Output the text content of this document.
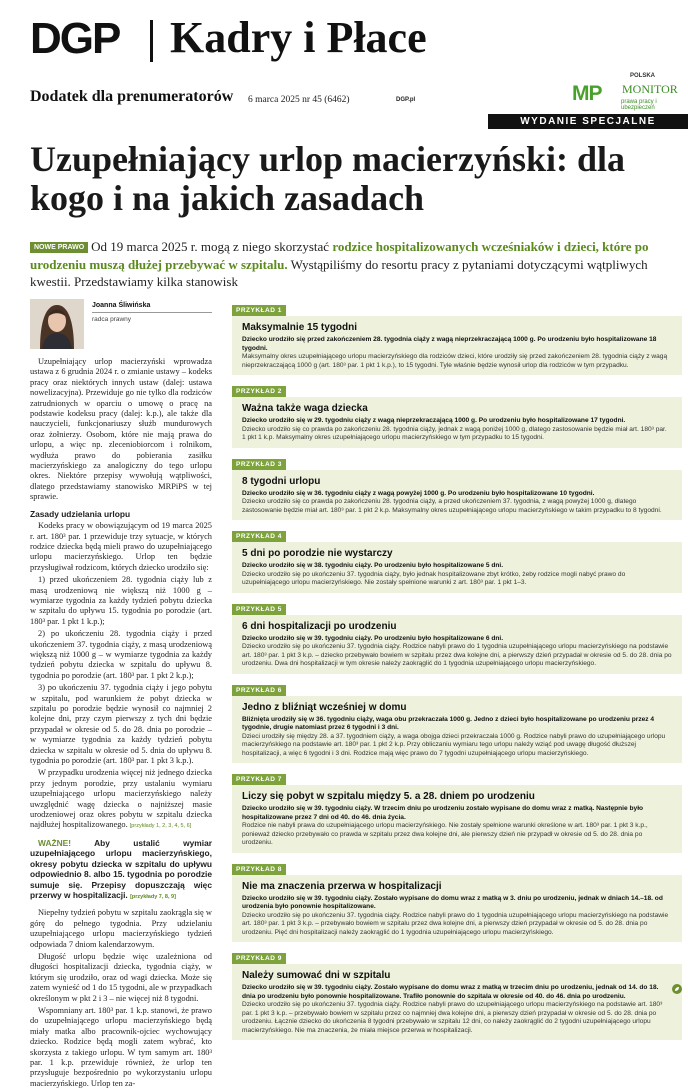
DGP Kadry i Płace
Dodatek dla prenumeratorów 6 marca 2025 nr 45 (6462)	DGP.pl
POLSKA
MP MONITOR
prawa pracy i ubezpieczeń
WYDANIE SPECJALNE
Uzupełniający urlop macierzyński: dla kogo i na jakich zasadach
NOWE PRAWO Od 19 marca 2025 r. mogą z niego skorzystać rodzice hospitalizowanych wcześniaków i dzieci, które po urodzeniu muszą dłużej przebywać w szpitalu. Wystąpiliśmy do resortu pracy z pytaniami dotyczącymi wątpliwych kwestii. Przedstawiamy kilka stanowisk
Joanna Śliwińska
radca prawny

Uzupełniający urlop macierzyński wprowadza ustawa z 6 grudnia 2024 r. o zmianie ustawy – kodeks pracy oraz niektórych innych ustaw (dalej: ustawa nowelizacyjna). Przewiduje go nie tylko dla rodziców zatrudnionych w oparciu o umowę o pracę na podstawie kodeksu pracy (dalej: k.p.), ale także dla nauczycieli, funkcjonariuszy służb mundurowych oraz żołnierzy. Osobom, które nie mają prawa do urlopu, a więc np. zleceniobiorcom i rolnikom, wydłuża prawo do pobierania zasiłku macierzyńskiego za analogiczny do tego urlopu okres. Niektóre przepisy wywołują wątpliwości, dlatego przedstawiamy stanowisko MRPiPS w tej sprawie.

Zasady udzielania urlopu

Kodeks pracy w obowiązującym od 19 marca 2025 r. art. 180³ par. 1 przewiduje trzy sytuacje, w których rodzice dziecka będą mieli prawo do uzupełniającego urlopu macierzyńskiego. Urlop ten będzie przysługiwał rodzicom, których dziecko urodziło się:

1) przed ukończeniem 28. tygodnia ciąży lub z masą urodzeniową nie większą niż 1000 g – wymiarze tygodnia za każdy tydzień pobytu dziecka w szpitalu do upływu 15. tygodnia po porodzie (art. 180³ par. 1 pkt 1 k.p.);

2) po ukończeniu 28. tygodnia ciąży i przed ukończeniem 37. tygodnia ciąży, z masą urodzeniową większą niż 1000 g – w wymiarze tygodnia za każdy tydzień pobytu dziecka w szpitalu do upływu 8. tygodnia po porodzie (art. 180³ par. 1 pkt 2 k.p.);

3) po ukończeniu 37. tygodnia ciąży i jego pobytu w szpitalu, pod warunkiem że pobyt dziecka w szpitalu po porodzie będzie wynosił co najmniej 2 kolejne dni, przy czym pierwszy z tych dni będzie przypadał w okresie od 5. do 28. dnia po porodzie – w wymiarze tygodnia za każdy tydzień pobytu dziecka w szpitalu w okresie od 5. dnia do upływu 8. tygodnia po porodzie (art. 180³ par. 1 pkt 3 k.p.).

W przypadku urodzenia więcej niż jednego dziecka przy jednym porodzie, przy ustalaniu wymiaru uzupełniającego urlopu macierzyńskiego należy uwzględnić wagę dziecka o najniższej masie urodzeniowej oraz okres pobytu w szpitalu dziecka najdłużej hospitalizowanego. [przykłady 1, 2, 3, 4, 5, 6]

WAŻNE!	Aby ustalić wymiar uzupełniającego urlopu macierzyńskiego, okresy pobytu dziecka w szpitalu do upływu odpowiednio 8. albo 15. tygodnia po porodzie sumuje się. Przepisy dopuszczają więc przerwy w hospitalizacji. [przykłady 7, 8, 9]

Niepełny tydzień pobytu w szpitalu zaokrągla się w górę do pełnego tygodnia. Przy udzielaniu uzupełniającego urlopu macierzyńskiego tydzień odpowiada 7 dniom kalendarzowym.

Długość urlopu będzie więc uzależniona od długości hospitalizacji dziecka, tygodnia ciąży, w którym się urodziło, oraz od wagi dziecka. Może się zatem wynieść od 1 do 15 tygodni, ale w przypadkach określonym w pkt 2 i 3 – nie więcej niż 8 tygodni.

Wspomniany art. 180³ par. 1 k.p. stanowi, że prawo do uzupełniającego urlopu macierzyńskiego będą miały matka albo pracownik-ojciec wychowujący dziecko. Rodzice będą mogli zatem wybrać, kto skorzysta z takiego urlopu. W tym samym art. 180³ par. 1 k.p. przewiduje również, że urlop ten przysługuje bezpośrednio po wykorzystaniu urlopu macierzyńskiego. Urlop ten za-

PRZYKŁAD 1
Maksymalnie 15 tygodni
Dziecko urodziło się przed zakończeniem 28. tygodnia ciąży z wagą nieprzekraczającą 1000 g. Po urodzeniu było hospitalizowane 18 tygodni.
Maksymalny okres uzupełniającego urlopu macierzyńskiego dla rodziców dzieci, które urodziły się przed zakończeniem 28. tygodnia ciąży z wagą nieprzekraczającą 1000 g (art. 180³ par. 1 pkt 1 k.p.), to 15 tygodni. Tyle właśnie będzie wynosił urlop dla rodziców w tym przypadku.
PRZYKŁAD 2
Ważna także waga dziecka
Dziecko urodziło się w 29. tygodniu ciąży z wagą nieprzekraczającą 1000 g. Po urodzeniu było hospitalizowane 17 tygodni.
Dziecko urodziło się co prawda po zakończeniu 28. tygodnia ciąży, jednak z wagą poniżej 1000 g, dlatego zastosowanie będzie miał art. 180³ par. 1 pkt 1 k.p. Maksymalny okres uzupełniającego urlopu macierzyńskiego w tym przypadku to 15 tygodni.
PRZYKŁAD 3
8 tygodni urlopu
Dziecko urodziło się w 36. tygodniu ciąży z wagą powyżej 1000 g. Po urodzeniu było hospitalizowane 10 tygodni.
Dziecko urodziło się co prawda po zakończeniu 28. tygodnia ciąży, a przed ukończeniem 37. tygodnia, z wagą powyżej 1000 g, dlatego zastosowanie będzie miał art. 180³ par. 1 pkt 2 k.p. Maksymalny okres uzupełniającego urlopu macierzyńskiego w takim przypadku to 8 tygodni.
PRZYKŁAD 4
5 dni po porodzie nie wystarczy
Dziecko urodziło się w 38. tygodniu ciąży. Po urodzeniu było hospitalizowane 5 dni.
Dziecko urodziło się po ukończeniu 37. tygodnia ciąży, było jednak hospitalizowane zbyt krótko, żeby rodzice mogli nabyć prawo do uzupełniającego urlopu macierzyńskiego. Nie zostały spełnione warunki z art. 180³ par. 1 pkt 1–3.
PRZYKŁAD 5
6 dni hospitalizacji po urodzeniu
Dziecko urodziło się w 39. tygodniu ciąży. Po urodzeniu było hospitalizowane 6 dni.
Dziecko urodziło się po ukończeniu 37. tygodnia ciąży. Rodzice nabyli prawo do 1 tygodnia uzupełniającego urlopu macierzyńskiego na podstawie art. 180³ par. 1 pkt 3 k.p. – dziecko przebywało bowiem w szpitalu przez dwa kolejne dni, a pierwszy dzień przypadał w okresie od 5. do 28. dnia po urodzeniu. Dwa dni hospitalizacji w tym okresie należy zaokrąglić do 1 tygodnia uzupełniającego urlopu macierzyńskiego.
PRZYKŁAD 6
Jedno z bliźniąt wcześniej w domu
Bliźnięta urodziły się w 36. tygodniu ciąży, waga obu przekraczała 1000 g. Jedno z dzieci było hospitalizowane po urodzeniu przez 4 tygodnie, drugie natomiast przez 6 tygodni i 3 dni.
Dzieci urodziły się między 28. a 37. tygodniem ciąży, a waga obojga dzieci przekraczała 1000 g. Rodzice nabyli prawo do uzupełniającego urlopu macierzyńskiego na podstawie art. 180³ par. 1 pkt 2 k.p. Przy obliczaniu wymiaru tego urlopu należy wziąć pod uwagę długość dłuższej hospitalizacji, a więc 6 tygodni i 3 dni. Rodzice mają więc prawo do 7 tygodni uzupełniającego urlopu macierzyńskiego.
PRZYKŁAD 7
Liczy się pobyt w szpitalu między 5. a 28. dniem po urodzeniu
Dziecko urodziło się w 39. tygodniu ciąży. W trzecim dniu po urodzeniu zostało wypisane do domu wraz z matką. Następnie było hospitalizowane przez 7 dni od 40. do 46. dnia życia.
Rodzice nie nabyli prawa do uzupełniającego urlopu macierzyńskiego. Nie zostały spełnione warunki określone w art. 180³ par. 1 pkt 3 k.p., ponieważ dziecko przebywało co prawda w szpitalu przez dwa kolejne dni, ale pierwszy dzień nie przypadł w okresie od 5. do 28. dnia po urodzeniu.
PRZYKŁAD 8
Nie ma znaczenia przerwa w hospitalizacji
Dziecko urodziło się w 39. tygodniu ciąży. Zostało wypisane do domu wraz z matką w 3. dniu po urodzeniu, jednak w dniach 14.–18. od urodzenia było ponownie hospitalizowane.
Dziecko urodziło się po ukończeniu 37. tygodnia ciąży. Rodzice nabyli prawo do 1 tygodnia uzupełniającego urlopu macierzyńskiego na podstawie art. 180³ par. 1 pkt 3 k.p. – przebywało bowiem w szpitalu przez dwa kolejne dni, a pierwszy dzień przypadał w okresie od 5. do 28. dnia po urodzeniu. Pięć dni hospitalizacji należy zaokrąglić do 1 tygodnia uzupełniającego urlopu macierzyńskiego.
PRZYKŁAD 9
Należy sumować dni w szpitalu
Dziecko urodziło się w 39. tygodniu ciąży. Zostało wypisane do domu wraz z matką w trzecim dniu po urodzeniu, jednak od 14. do 18. dnia po urodzeniu było ponownie hospitalizowane. Trafiło ponownie do szpitala w okresie od 40. do 46. dnia po urodzeniu.
Dziecko urodziło się po ukończeniu 37. tygodnia ciąży. Rodzice nabyli prawo do uzupełniającego urlopu macierzyńskiego na podstawie art. 180³ par. 1 pkt 3 k.p. – przebywało bowiem w szpitalu przez co najmniej dwa kolejne dni, a pierwszy dzień przypadał w okresie od 5. do 28. dnia po urodzeniu. Łącznie dziecko do ukończenia 8 tygodni przebywało w szpitalu 12 dni, co należy zaokrąglić do 2 tygodni uzupełniającego urlopu macierzyńskiego. Nie ma znaczenia, że miała miejsce przerwa w hospitalizacji.
